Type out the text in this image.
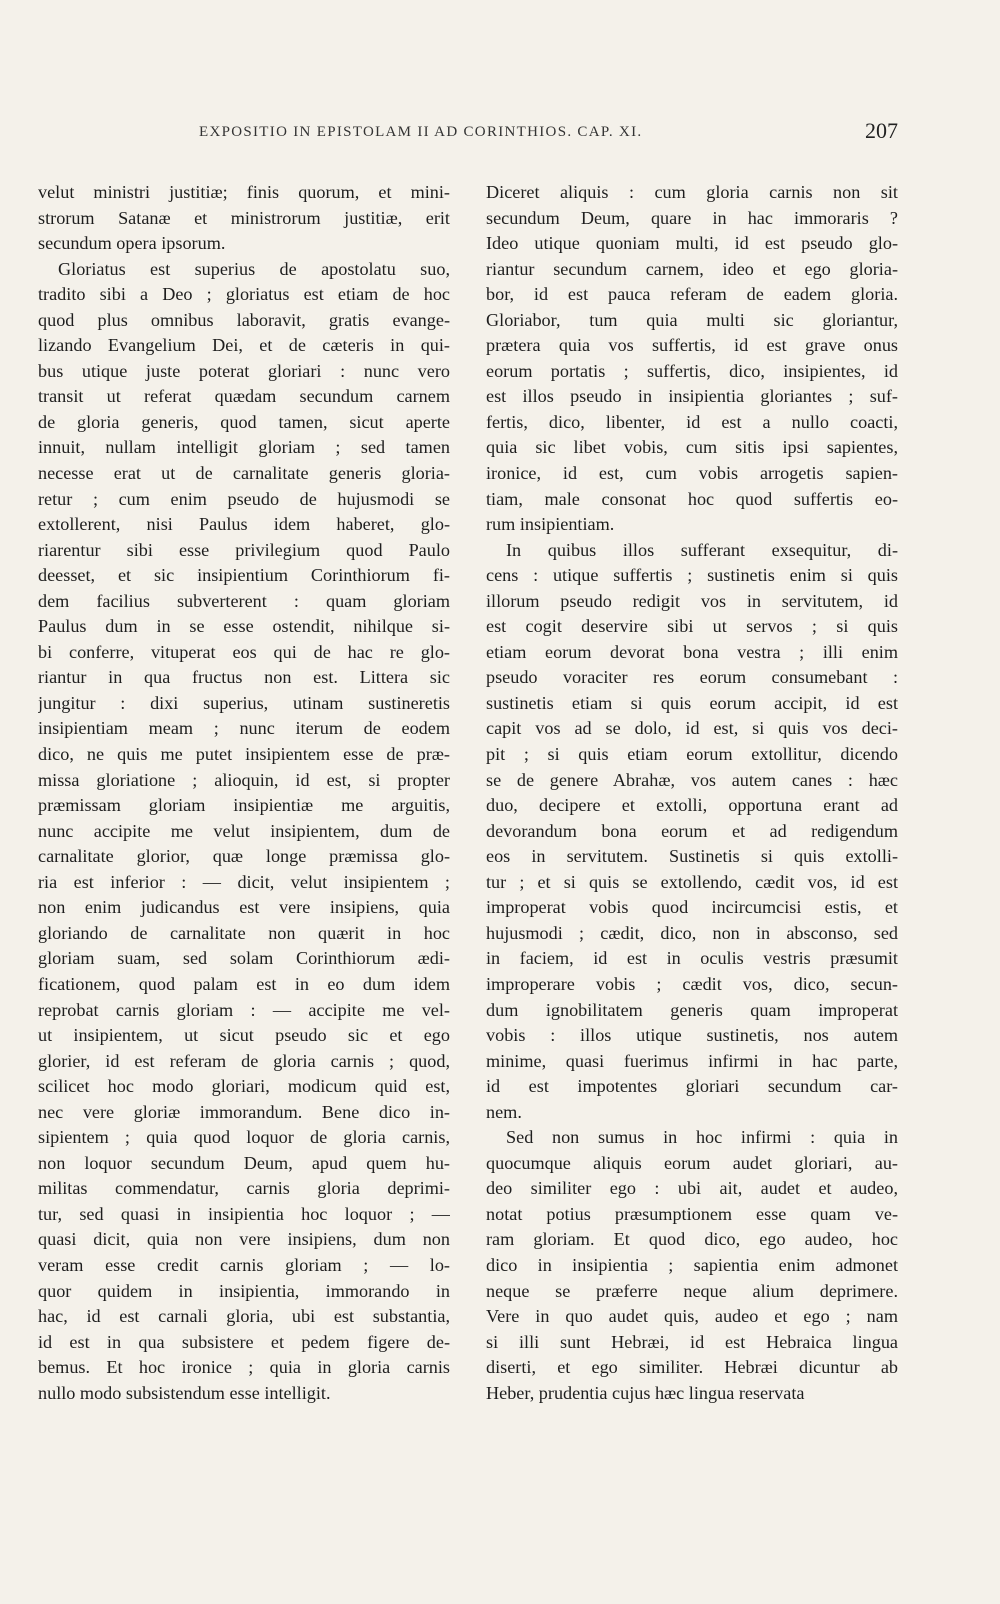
EXPOSITIO IN EPISTOLAM II AD CORINTHIOS. CAP. XI.	207
velut ministri justitiæ; finis quorum, et mini-
strorum Satanæ et ministrorum justitiæ, erit
secundum opera ipsorum.
Gloriatus est superius de apostolatu suo,
tradito sibi a Deo ; gloriatus est etiam de hoc
quod plus omnibus laboravit, gratis evange-
lizando Evangelium Dei, et de cæteris in qui-
bus utique juste poterat gloriari : nunc vero
transit ut referat quædam secundum carnem
de gloria generis, quod tamen, sicut aperte
innuit, nullam intelligit gloriam ; sed tamen
necesse erat ut de carnalitate generis gloria-
retur ; cum enim pseudo de hujusmodi se
extollerent, nisi Paulus idem haberet, glo-
riarentur sibi esse privilegium quod Paulo
deesset, et sic insipientium Corinthiorum fi-
dem facilius subverterent : quam gloriam
Paulus dum in se esse ostendit, nihilque si-
bi conferre, vituperat eos qui de hac re glo-
riantur in qua fructus non est. Littera sic
jungitur : dixi superius, utinam sustineretis
insipientiam meam ; nunc iterum de eodem
dico, ne quis me putet insipientem esse de præ-
missa gloriatione ; alioquin, id est, si propter
præmissam gloriam insipientiæ me arguitis,
nunc accipite me velut insipientem, dum de
carnalitate glorior, quæ longe præmissa glo-
ria est inferior : — dicit, velut insipientem ;
non enim judicandus est vere insipiens, quia
gloriando de carnalitate non quærit in hoc
gloriam suam, sed solam Corinthiorum ædi-
ficationem, quod palam est in eo dum idem
reprobat carnis gloriam : — accipite me vel-
ut insipientem, ut sicut pseudo sic et ego
glorier, id est referam de gloria carnis ; quod,
scilicet hoc modo gloriari, modicum quid est,
nec vere gloriæ immorandum. Bene dico in-
sipientem ; quia quod loquor de gloria carnis,
non loquor secundum Deum, apud quem hu-
militas commendatur, carnis gloria deprimi-
tur, sed quasi in insipientia hoc loquor ; —
quasi dicit, quia non vere insipiens, dum non
veram esse credit carnis gloriam ; — lo-
quor quidem in insipientia, immorando in
hac, id est carnali gloria, ubi est substantia,
id est in qua subsistere et pedem figere de-
bemus. Et hoc ironice ; quia in gloria carnis
nullo modo subsistendum esse intelligit.
Diceret aliquis : cum gloria carnis non sit
secundum Deum, quare in hac immoraris ?
Ideo utique quoniam multi, id est pseudo glo-
riantur secundum carnem, ideo et ego gloria-
bor, id est pauca referam de eadem gloria.
Gloriabor, tum quia multi sic gloriantur,
prætera quia vos suffertis, id est grave onus
eorum portatis ; suffertis, dico, insipientes, id
est illos pseudo in insipientia gloriantes ; suf-
fertis, dico, libenter, id est a nullo coacti,
quia sic libet vobis, cum sitis ipsi sapientes,
ironice, id est, cum vobis arrogetis sapien-
tiam, male consonat hoc quod suffertis eo-
rum insipientiam.
In quibus illos sufferant exsequitur, di-
cens : utique suffertis ; sustinetis enim si quis
illorum pseudo redigit vos in servitutem, id
est cogit deservire sibi ut servos ; si quis
etiam eorum devorat bona vestra ; illi enim
pseudo voraciter res eorum consumebant :
sustinetis etiam si quis eorum accipit, id est
capit vos ad se dolo, id est, si quis vos deci-
pit ; si quis etiam eorum extollitur, dicendo
se de genere Abrahæ, vos autem canes : hæc
duo, decipere et extolli, opportuna erant ad
devorandum bona eorum et ad redigendum
eos in servitutem. Sustinetis si quis extolli-
tur ; et si quis se extollendo, cædit vos, id est
improperat vobis quod incircumcisi estis, et
hujusmodi ; cædit, dico, non in absconso, sed
in faciem, id est in oculis vestris præsumit
improperare vobis ; cædit vos, dico, secun-
dum ignobilitatem generis quam improperat
vobis : illos utique sustinetis, nos autem
minime, quasi fuerimus infirmi in hac parte,
id est impotentes gloriari secundum car-
nem.
Sed non sumus in hoc infirmi : quia in
quocumque aliquis eorum audet gloriari, au-
deo similiter ego : ubi ait, audet et audeo,
notat potius præsumptionem esse quam ve-
ram gloriam. Et quod dico, ego audeo, hoc
dico in insipientia ; sapientia enim admonet
neque se præferre neque alium deprimere.
Vere in quo audet quis, audeo et ego ; nam
si illi sunt Hebræi, id est Hebraica lingua
diserti, et ego similiter. Hebræi dicuntur ab
Heber, prudentia cujus hæc lingua reservata
